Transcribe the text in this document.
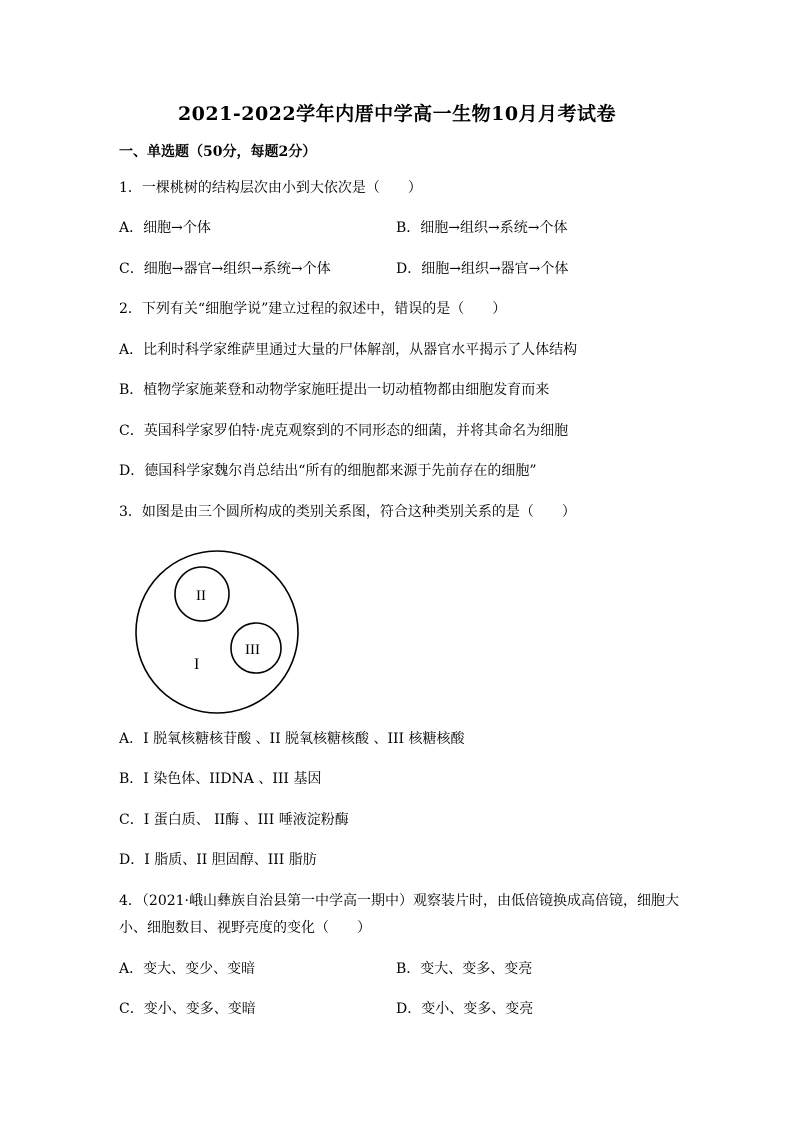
2021-2022学年内厝中学高一生物10月月考试卷
一、单选题（50分，每题2分）
1．一棵桃树的结构层次由小到大依次是（　　）
A．细胞→个体	B．细胞→组织→系统→个体
C．细胞→器官→组织→系统→个体	D．细胞→组织→器官→个体
2．下列有关“细胞学说”建立过程的叙述中，错误的是（　　）
A．比利时科学家维萨里通过大量的尸体解剖，从器官水平揭示了人体结构
B．植物学家施莱登和动物学家施旺提出一切动植物都由细胞发育而来
C．英国科学家罗伯特·虎克观察到的不同形态的细菌，并将其命名为细胞
D．德国科学家魏尔肖总结出“所有的细胞都来源于先前存在的细胞”
3．如图是由三个圆所构成的类别关系图，符合这种类别关系的是（　　）
I
II
III
A．I 脱氧核糖核苷酸 、II 脱氧核糖核酸 、III 核糖核酸
B．I 染色体、IIDNA 、III 基因
C．I 蛋白质、 II酶 、III 唾液淀粉酶
D．I 脂质、II 胆固醇、III 脂肪
4．（2021·峨山彝族自治县第一中学高一期中）观察装片时，由低倍镜换成高倍镜，细胞大
小、细胞数目、视野亮度的变化（　　）
A．变大、变少、变暗	B．变大、变多、变亮
C．变小、变多、变暗	D．变小、变多、变亮
